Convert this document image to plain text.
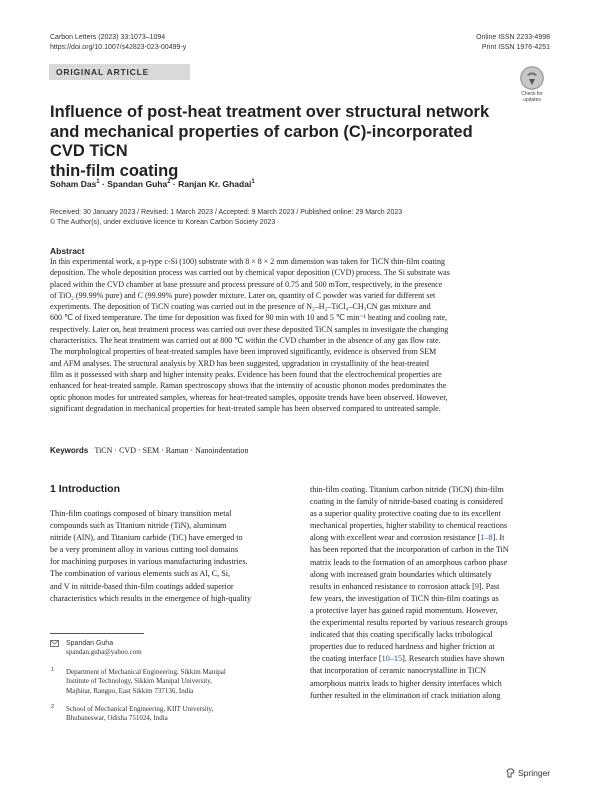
Carbon Letters (2023) 33:1073–1094
https://doi.org/10.1007/s42823-023-00499-y
Online ISSN 2233-4998
Print ISSN 1976-4251
ORIGINAL ARTICLE
Check for
updates
Influence of post-heat treatment over structural network
and mechanical properties of carbon (C)-incorporated CVD TiCN
thin-film coating
Soham Das$^1$ · Spandan Guha$^2$ · Ranjan Kr. Ghadai$^1$
Received: 30 January 2023 / Revised: 1 March 2023 / Accepted: 9 March 2023 / Published online: 29 March 2023
© The Author(s), under exclusive licence to Korean Carbon Society 2023
Abstract
In this experimental work, a p-type c-Si (100) substrate with 8 × 8 × 2 mm dimension was taken for TiCN thin-film coating
deposition. The whole deposition process was carried out by chemical vapor deposition (CVD) process. The Si substrate was
placed within the CVD chamber at base pressure and process pressure of 0.75 and 500 mTorr, respectively, in the presence
of TiO₂ (99.99% pure) and C (99.99% pure) powder mixture. Later on, quantity of C powder was varied for different set
experiments. The deposition of TiCN coating was carried out in the presence of N₂–H₂–TiCl₄–CH₃CN gas mixture and
600 ℃ of fixed temperature. The time for deposition was fixed for 90 min with 10 and 5 ℃ min⁻¹ heating and cooling rate,
respectively. Later on, heat treatment process was carried out over these deposited TiCN samples to investigate the changing
characteristics. The heat treatment was carried out at 800 ℃ within the CVD chamber in the absence of any gas flow rate.
The morphological properties of heat-treated samples have been improved significantly, evidence is observed from SEM
and AFM analyses. The structural analysis by XRD has been suggested, upgradation in crystallinity of the heat-treated
film as it possessed with sharp and higher intensity peaks. Evidence has been found that the electrochemical properties are
enhanced for heat-treated sample. Raman spectroscopy shows that the intensity of acoustic phonon modes predominates the
optic phonon modes for untreated samples, whereas for heat-treated samples, opposite trends have been observed. However,
significant degradation in mechanical properties for heat-treated sample has been observed compared to untreated sample.
Keywords TiCN · CVD · SEM · Raman · Nanoindentation
1 Introduction
Thin-film coatings composed of binary transition metal
compounds such as Titanium nitride (TiN), aluminum
nitride (AlN), and Titanium carbide (TiC) have emerged to
be a very prominent alloy in various cutting tool domains
for machining purposes in various manufacturing industries.
The combination of various elements such as Al, C, Si,
and V in nitride-based thin-film coatings added superior
characteristics which results in the emergence of high-quality
thin-film coating. Titanium carbon nitride (TiCN) thin-film
coating in the family of nitride-based coating is considered
as a superior quality protective coating due to its excellent
mechanical properties, higher stability to chemical reactions
along with excellent wear and corrosion resistance [1–8]. It
has been reported that the incorporation of carbon in the TiN
matrix leads to the formation of an amorphous carbon phase
along with increased grain boundaries which ultimately
results in enhanced resistance to corrosion attack [9]. Past
few years, the investigation of TiCN thin-film coatings as
a protective layer has gained rapid momentum. However,
the experimental results reported by various research groups
indicated that this coating specifically lacks tribological
properties due to reduced hardness and higher friction at
the coating interface [10–15]. Research studies have shown
that incorporation of ceramic nanocrystalline in TiCN
amorphous matrix leads to higher density interfaces which
further resulted in the elimination of crack initiation along
Spandan Guha
spandan.guha@yahoo.com
1	Department of Mechanical Engineering, Sikkim Manipal
Institute of Technology, Sikkim Manipal University,
Majhitar, Rangpo, East Sikkim 737136, India
2	School of Mechanical Engineering, KIIT University,
Bhubaneswar, Odisha 751024, India
Springer
